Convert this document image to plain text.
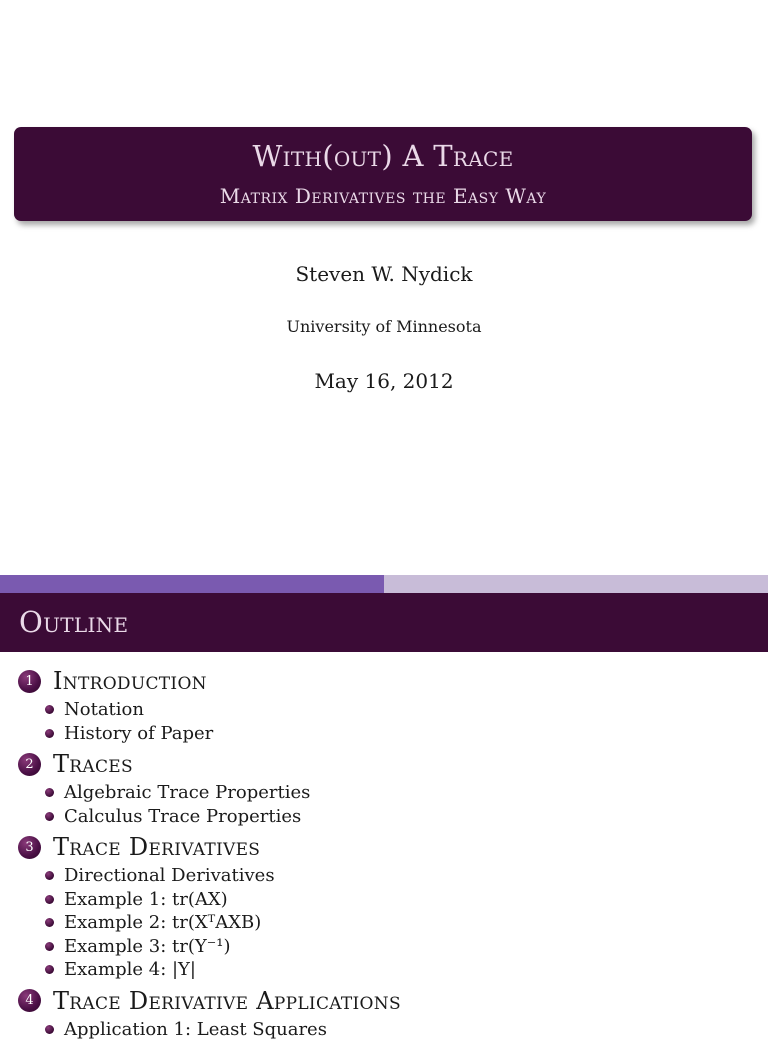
With(out) A Trace
Matrix Derivatives the Easy Way
Steven W. Nydick
University of Minnesota
May 16, 2012
Outline
1 Introduction
Notation
History of Paper
2 Traces
Algebraic Trace Properties
Calculus Trace Properties
3 Trace Derivatives
Directional Derivatives
Example 1: tr(AX)
Example 2: tr(XᵀAXB)
Example 3: tr(Y⁻¹)
Example 4: |Y|
4 Trace Derivative Applications
Application 1: Least Squares
